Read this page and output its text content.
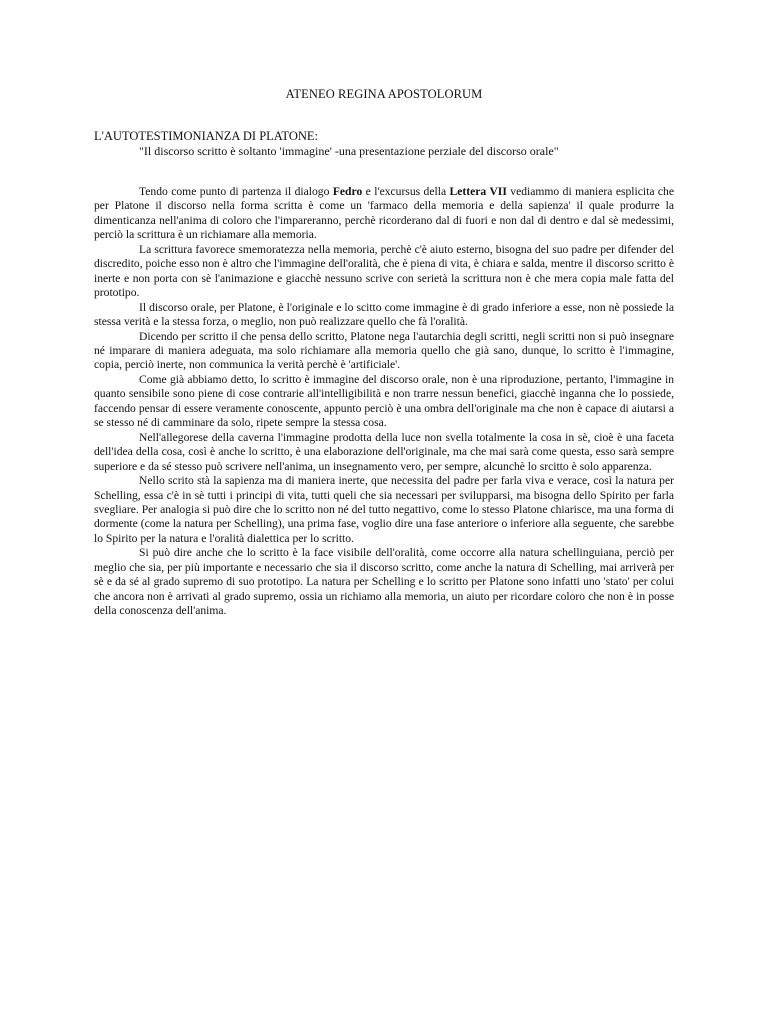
ATENEO REGINA APOSTOLORUM
L'AUTOTESTIMONIANZA DI PLATONE:
"Il discorso scritto è soltanto 'immagine' -una presentazione perziale del discorso orale"

Tendo come punto di partenza il dialogo Fedro e l'excursus della Lettera VII vediammo di maniera esplicita che per Platone il discorso nella forma scritta è come un 'farmaco della memoria e della sapienza' il quale produrre la dimenticanza nell'anima di coloro che l'impareranno, perchè ricorderano dal di fuori e non dal di dentro e dal sè medessimi, perciò la scrittura è un richiamare alla memoria.

La scrittura favorece smemoratezza nella memoria, perchè c'è aiuto esterno, bisogna del suo padre per difender del discredito, poiche esso non è altro che l'immagine dell'oralità, che è piena di vita, è chiara e salda, mentre il discorso scritto è inerte e non porta con sè l'animazione e giacchè nessuno scrive con serietà la scrittura non è che mera copia male fatta del prototipo.

Il discorso orale, per Platone, è l'originale e lo scitto come immagine è di grado inferiore a esse, non nè possiede la stessa verità e la stessa forza, o meglio, non può realizzare quello che fà l'oralità.

Dicendo per scritto il che pensa dello scritto, Platone nega l'autarchia degli scritti, negli scritti non si può insegnare né imparare di maniera adeguata, ma solo richiamare alla memoria quello che già sano, dunque, lo scritto è l'immagine, copia, perciò inerte, non communica la verità perchè è 'artificiale'.

Come già abbiamo detto, lo scritto è immagine del discorso orale, non è una riproduzione, pertanto, l'immagine in quanto sensibile sono piene di cose contrarie all'intelligibilità e non trarre nessun benefici, giacchè inganna che lo possiede, faccendo pensar di essere veramente conoscente, appunto perciò è una ombra dell'originale ma che non è capace di aiutarsi a se stesso né di camminare da solo, ripete sempre la stessa cosa.

Nell'allegorese della caverna l'immagine prodotta della luce non svella totalmente la cosa in sè, cioè è una faceta dell'idea della cosa, così è anche lo scritto, è una elaborazione dell'originale, ma che mai sarà come questa, esso sarà sempre superiore e da sé stesso può scrivere nell'anima, un insegnamento vero, per sempre, alcunchè lo srcitto è solo apparenza.

Nello scrito stà la sapienza ma di maniera inerte, que necessita del padre per farla viva e verace, così la natura per Schelling, essa c'è in sè tutti i principi di vita, tutti queli che sia necessari per svilupparsi, ma bisogna dello Spirito per farla svegliare. Per analogia si può dire che lo scritto non né del tutto negattivo, come lo stesso Platone chiarisce, ma una forma di dormente (come la natura per Schelling), una prima fase, voglio dire una fase anteriore o inferiore alla seguente, che sarebbe lo Spirito per la natura e l'oralità dialettica per lo scritto.

Si può dire anche che lo scritto è la face visibile dell'oralità, come occorre alla natura schellinguiana, perciò per meglio che sia, per più importante e necessario che sia il discorso scritto, come anche la natura di Schelling, mai arriverà per sè e da sé al grado supremo di suo prototipo. La natura per Schelling e lo scritto per Platone sono infatti uno 'stato' per colui che ancora non è arrivati al grado supremo, ossia un richiamo alla memoria, un aiuto per ricordare coloro che non è in posse della conoscenza dell'anima.
